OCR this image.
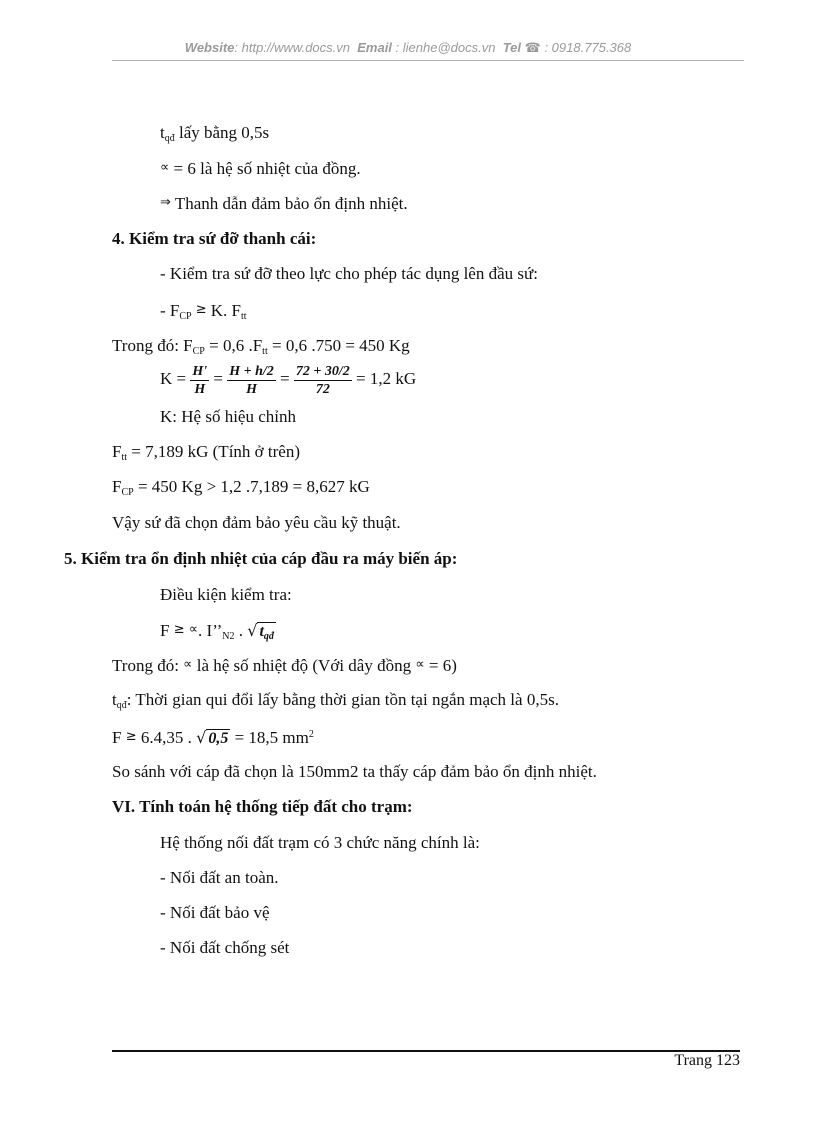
Website: http://www.docs.vn Email : lienhe@docs.vn Tel ☎ : 0918.775.368
$t_{qđ}$ lấy bằng 0,5s
∝ = 6 là hệ số nhiệt của đồng.
⇒ Thanh dẫn đảm bảo ổn định nhiệt.
4. Kiểm tra sứ đỡ thanh cái:
- Kiểm tra sứ đỡ theo lực cho phép tác dụng lên đầu sứ:
- $F_{CP} \ge K$. $F_{tt}$
Trong đó: $F_{CP} = 0,6$ $.F_{tt} = 0,6$ .750 = 450 Kg
$K = \frac{H'}{H} = \frac{H + h/2}{H} = \frac{72 + 30/2}{72} = 1,2$ kG
K: Hệ số hiệu chỉnh
$F_{tt} = 7,189$ kG (Tính ở trên)
$F_{CP} = 450$ Kg > 1,2 .7,189 = 8,627 kG
Vậy sứ đã chọn đảm bảo yêu cầu kỹ thuật.
5. Kiểm tra ổn định nhiệt của cáp đầu ra máy biến áp:
Điều kiện kiểm tra:
F ≥ ∝. $I’’_{N2}$ . √ $t_{qđ}$
Trong đó: ∝ là hệ số nhiệt độ (Với dây đồng ∝ = 6)
$t_{qđ}$: Thời gian qui đổi lấy bằng thời gian tồn tại ngắn mạch là 0,5s.
F ≥ 6.4,35 . √ 0,5 = 18,5 $mm^2$
So sánh với cáp đã chọn là 150mm2 ta thấy cáp đảm bảo ổn định nhiệt.
VI. Tính toán hệ thống tiếp đất cho trạm:
Hệ thống nối đất trạm có 3 chức năng chính là:
- Nối đất an toàn.
- Nối đất bảo vệ
- Nối đất chống sét
Trang 123
